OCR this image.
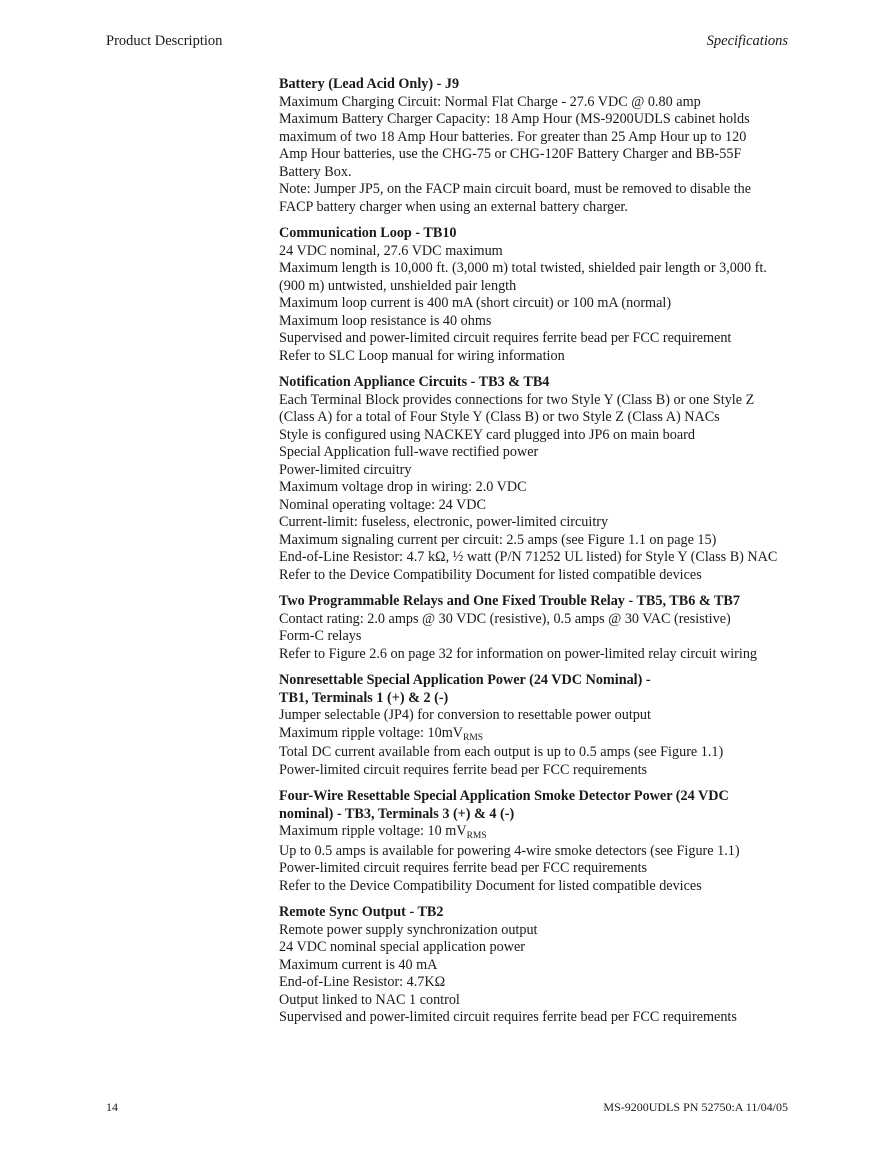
Product Description	Specifications
Battery (Lead Acid Only) - J9
Maximum Charging Circuit: Normal Flat Charge - 27.6 VDC @ 0.80 amp
Maximum Battery Charger Capacity: 18 Amp Hour (MS-9200UDLS cabinet holds
maximum of two 18 Amp Hour batteries. For greater than 25 Amp Hour up to 120
Amp Hour batteries, use the CHG-75 or CHG-120F Battery Charger and BB-55F
Battery Box.
Note: Jumper JP5, on the FACP main circuit board, must be removed to disable the
FACP battery charger when using an external battery charger.
Communication Loop - TB10
24 VDC nominal, 27.6 VDC maximum
Maximum length is 10,000 ft. (3,000 m) total twisted, shielded pair length or 3,000 ft.
(900 m) untwisted, unshielded pair length
Maximum loop current is 400 mA (short circuit) or 100 mA (normal)
Maximum loop resistance is 40 ohms
Supervised and power-limited circuit requires ferrite bead per FCC requirement
Refer to SLC Loop manual for wiring information
Notification Appliance Circuits - TB3 & TB4
Each Terminal Block provides connections for two Style Y (Class B) or one Style Z
(Class A) for a total of Four Style Y (Class B) or two Style Z (Class A) NACs
Style is configured using NACKEY card plugged into JP6 on main board
Special Application full-wave rectified power
Power-limited circuitry
Maximum voltage drop in wiring: 2.0 VDC
Nominal operating voltage: 24 VDC
Current-limit: fuseless, electronic, power-limited circuitry
Maximum signaling current per circuit: 2.5 amps (see Figure 1.1 on page 15)
End-of-Line Resistor: 4.7 kΩ, ½ watt (P/N 71252 UL listed) for Style Y (Class B) NAC
Refer to the Device Compatibility Document for listed compatible devices
Two Programmable Relays and One Fixed Trouble Relay - TB5, TB6 & TB7
Contact rating: 2.0 amps @ 30 VDC (resistive), 0.5 amps @ 30 VAC (resistive)
Form-C relays
Refer to Figure 2.6 on page 32 for information on power-limited relay circuit wiring
Nonresettable Special Application Power (24 VDC Nominal) -
TB1, Terminals 1 (+) & 2 (-)
Jumper selectable (JP4) for conversion to resettable power output
Maximum ripple voltage: $10mV_{RMS}$
Total DC current available from each output is up to 0.5 amps (see Figure 1.1)
Power-limited circuit requires ferrite bead per FCC requirements
Four-Wire Resettable Special Application Smoke Detector Power (24 VDC
nominal) - TB3, Terminals 3 (+) & 4 (-)
Maximum ripple voltage: 10 $mV_{RMS}$
Up to 0.5 amps is available for powering 4-wire smoke detectors (see Figure 1.1)
Power-limited circuit requires ferrite bead per FCC requirements
Refer to the Device Compatibility Document for listed compatible devices
Remote Sync Output - TB2
Remote power supply synchronization output
24 VDC nominal special application power
Maximum current is 40 mA
End-of-Line Resistor: 4.7KΩ
Output linked to NAC 1 control
Supervised and power-limited circuit requires ferrite bead per FCC requirements
14	MS-9200UDLS PN 52750:A 11/04/05
